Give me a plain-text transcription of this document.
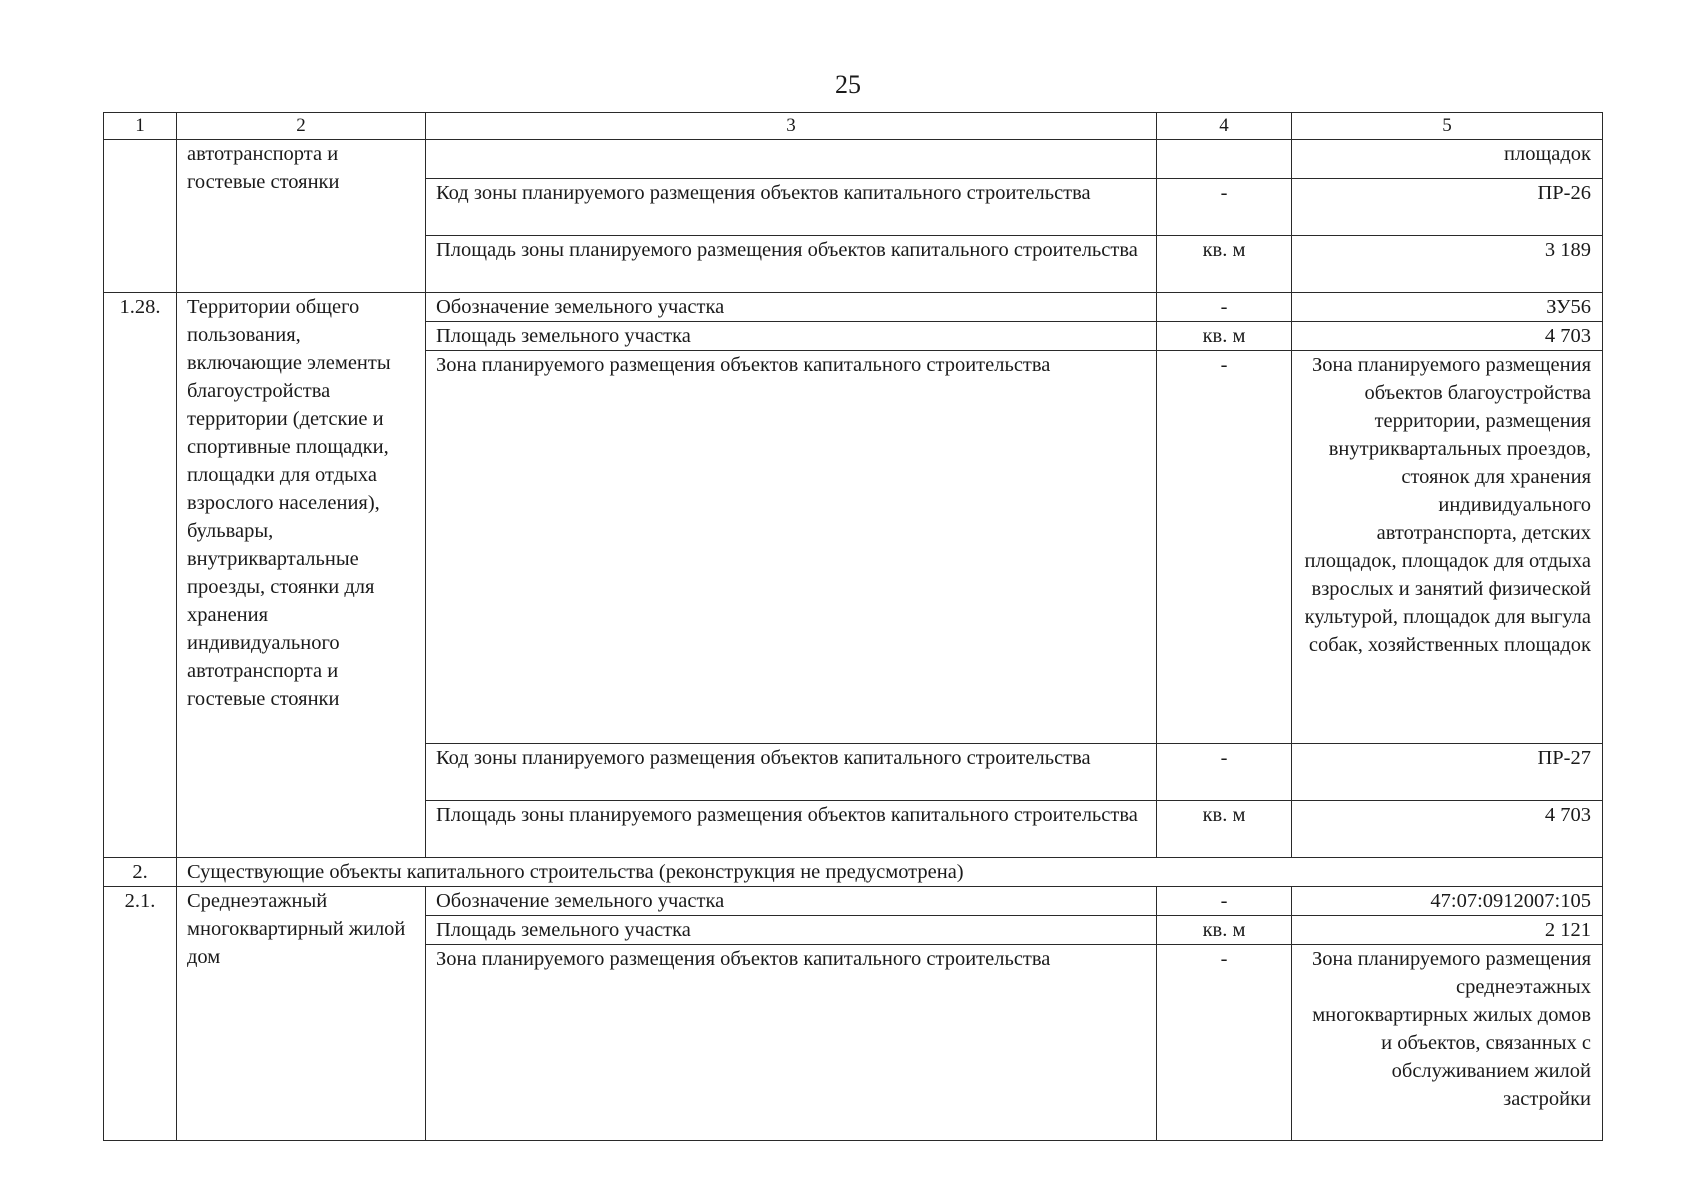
25
1	2	3	4	5
	автотранспорта и гостевые стоянки			площадок
		Код зоны планируемого размещения объектов капитального строительства	-	ПР-26
		Площадь зоны планируемого размещения объектов капитального строительства	кв. м	3 189
1.28.	Территории общего пользования, включающие элементы благоустройства территории (детские и спортивные площадки, площадки для отдыха взрослого населения), бульвары, внутриквартальные проезды, стоянки для хранения индивидуального автотранспорта и гостевые стоянки	Обозначение земельного участка	-	ЗУ56
		Площадь земельного участка	кв. м	4 703
		Зона планируемого размещения объектов капитального строительства	-	Зона планируемого размещения объектов благоустройства территории, размещения внутриквартальных проездов, стоянок для хранения индивидуального автотранспорта, детских площадок, площадок для отдыха взрослых и занятий физической культурой, площадок для выгула собак, хозяйственных площадок
		Код зоны планируемого размещения объектов капитального строительства	-	ПР-27
		Площадь зоны планируемого размещения объектов капитального строительства	кв. м	4 703
2.	Существующие объекты капитального строительства (реконструкция не предусмотрена)			
2.1.	Среднеэтажный многоквартирный жилой дом	Обозначение земельного участка	-	47:07:0912007:105
		Площадь земельного участка	кв. м	2 121
		Зона планируемого размещения объектов капитального строительства	-	Зона планируемого размещения среднеэтажных многоквартирных жилых домов и объектов, связанных с обслуживанием жилой застройки
